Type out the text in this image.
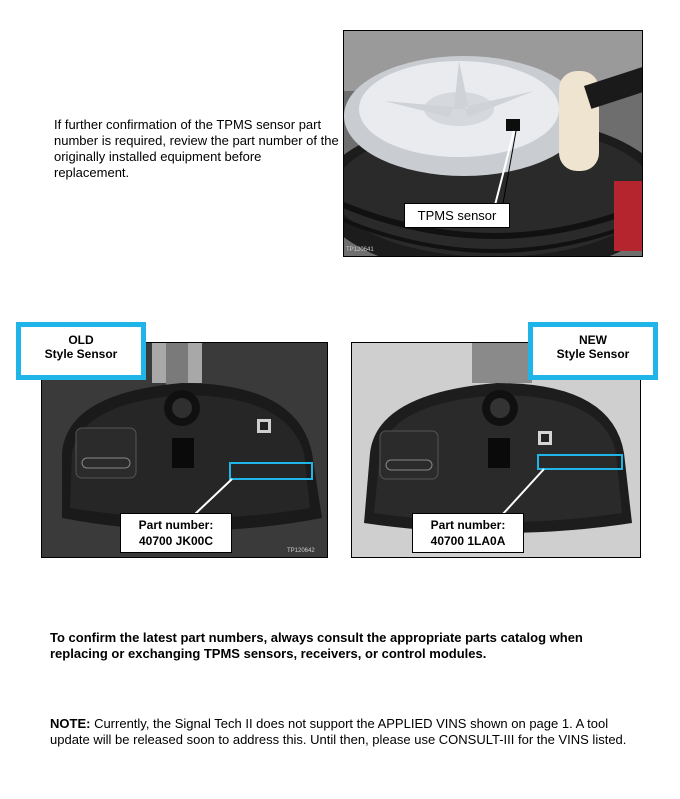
If further confirmation of the TPMS sensor part number is required, review the part number of the originally installed equipment before replacement.
TPMS sensor
TP120641
Part number:
40700 JK00C
TP120642
OLD
Style Sensor
Part number:
40700 1LA0A
TP120642
NEW
Style Sensor
To confirm the latest part numbers, always consult the appropriate parts catalog when replacing or exchanging TPMS sensors, receivers, or control modules.
NOTE: Currently, the Signal Tech II does not support the APPLIED VINS shown on page 1. A tool update will be released soon to address this. Until then, please use CONSULT-III for the VINS listed.
